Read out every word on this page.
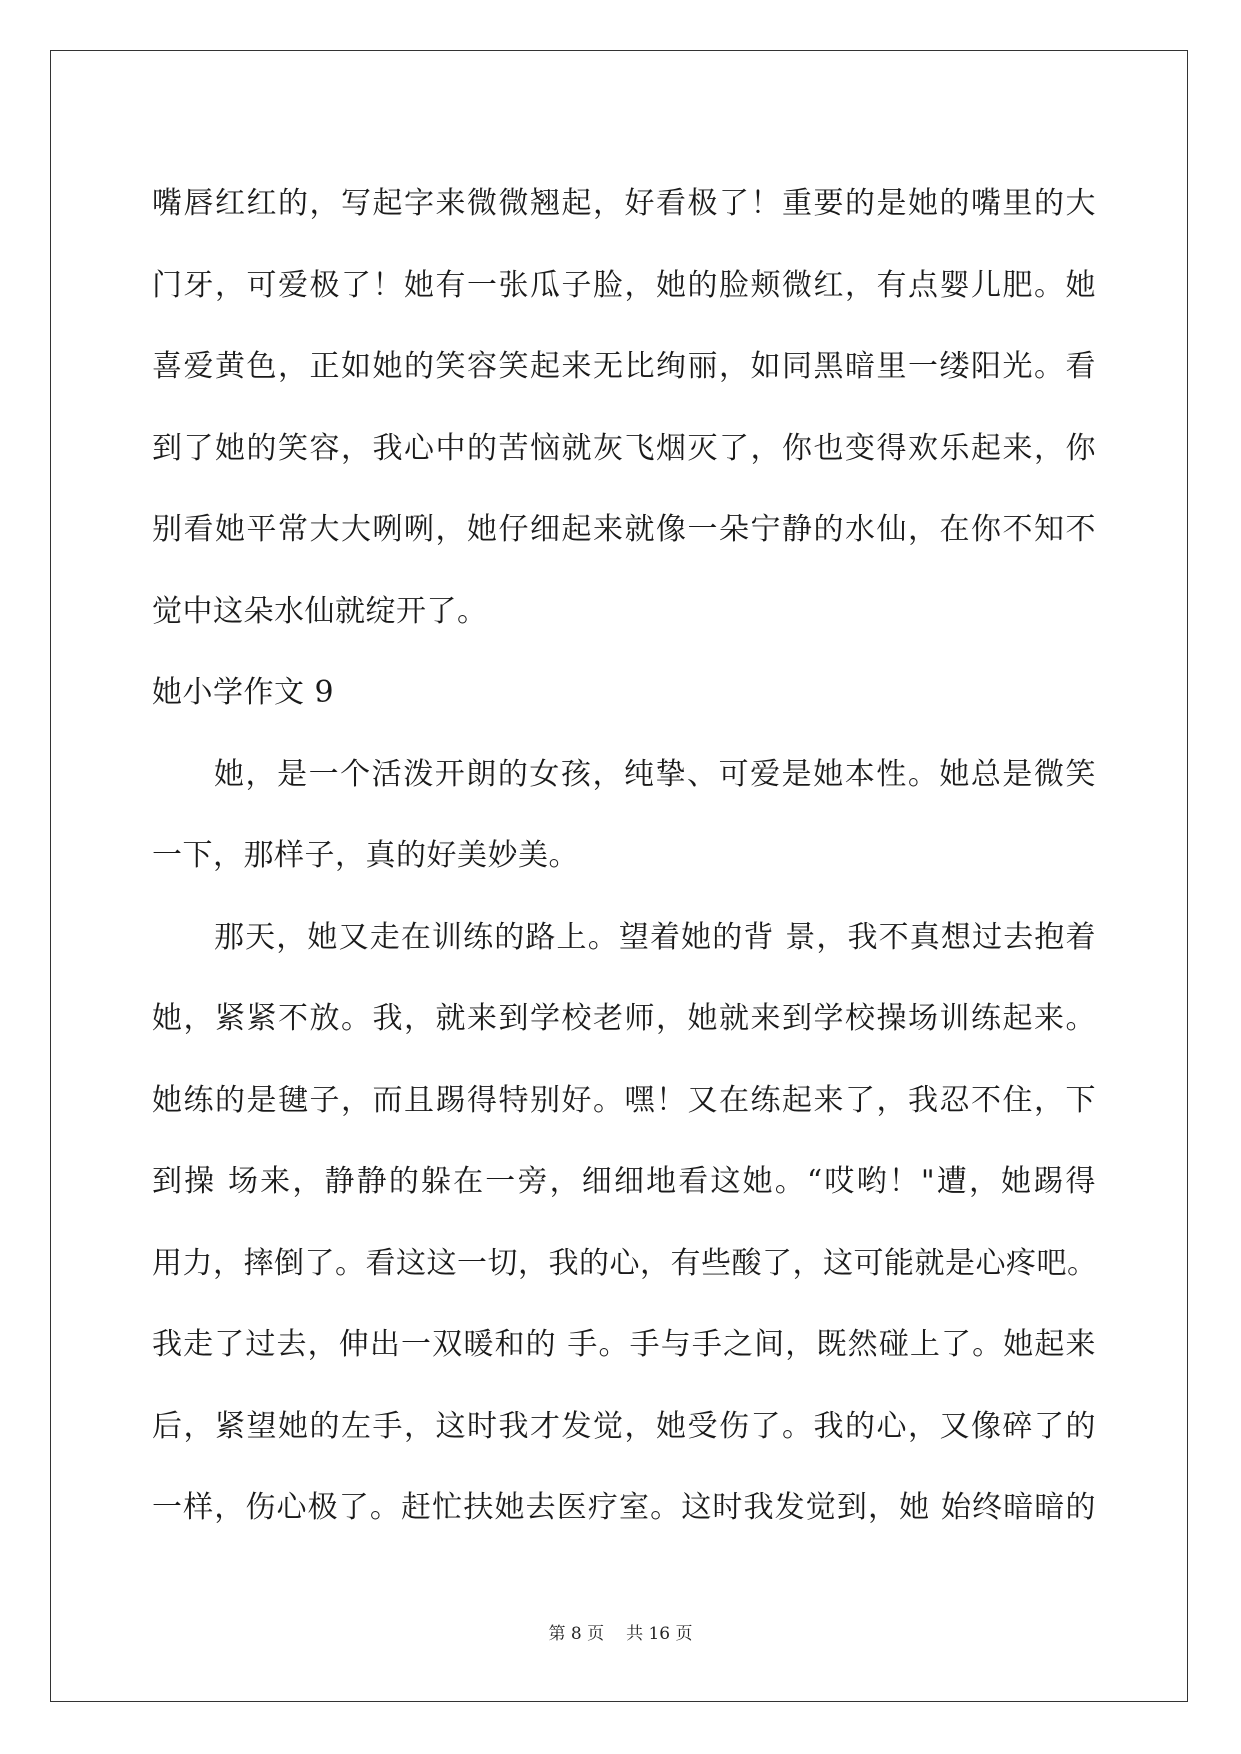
嘴唇红红的，写起字来微微翘起，好看极了！重要的是她的嘴里的大
门牙，可爱极了！她有一张瓜子脸，她的脸颊微红，有点婴儿肥。她
喜爱黄色，正如她的笑容笑起来无比绚丽，如同黑暗里一缕阳光。看
到了她的笑容，我心中的苦恼就灰飞烟灭了，你也变得欢乐起来，你
别看她平常大大咧咧，她仔细起来就像一朵宁静的水仙，在你不知不
觉中这朵水仙就绽开了。
她小学作文 9
她，是一个活泼开朗的女孩，纯挚、可爱是她本性。她总是微笑
一下，那样子，真的好美妙美。
那天，她又走在训练的路上。望着她的背 景，我不真想过去抱着
她，紧紧不放。我，就来到学校老师，她就来到学校操场训练起来。
她练的是毽子，而且踢得特别好。嘿！又在练起来了，我忍不住，下
到操 场来，静静的躲在一旁，细细地看这她。“哎哟！"遭，她踢得
用力，摔倒了。看这这一切，我的心，有些酸了，这可能就是心疼吧。
我走了过去，伸出一双暖和的 手。手与手之间，既然碰上了。她起来
后，紧望她的左手，这时我才发觉，她受伤了。我的心，又像碎了的
一样，伤心极了。赶忙扶她去医疗室。这时我发觉到，她 始终暗暗的
第 8 页 共 16 页
